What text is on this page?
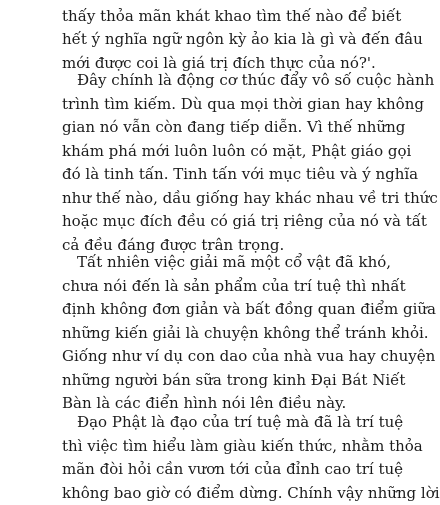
thấy thỏa mãn khát khao tìm thế nào để biết
hết ý nghĩa ngữ ngôn kỳ ảo kia là gì và đến đâu
mới được coi là giá trị đích thực của nó?'.
Đây chính là động cơ thúc đẩy vô số cuộc hành
trình tìm kiếm. Dù qua mọi thời gian hay không
gian nó vẫn còn đang tiếp diễn. Vì thế những
khám phá mới luôn luôn có mặt, Phật giáo gọi
đó là tinh tấn. Tinh tấn với mục tiêu và ý nghĩa
như thế nào, dầu giống hay khác nhau về tri thức
hoặc mục đích đều có giá trị riêng của nó và tất
cả đều đáng được trân trọng.
Tất nhiên việc giải mã một cổ vật đã khó,
chưa nói đến là sản phẩm của trí tuệ thì nhất
định không đơn giản và bất đồng quan điểm giữa
những kiến giải là chuyện không thể tránh khỏi.
Giống như ví dụ con dao của nhà vua hay chuyện
những người bán sữa trong kinh Đại Bát Niết
Bàn là các điển hình nói lên điều này.
Đạo Phật là đạo của trí tuệ mà đã là trí tuệ
thì việc tìm hiểu làm giàu kiến thức, nhằm thỏa
mãn đòi hỏi cần vươn tới của đỉnh cao trí tuệ
không bao giờ có điểm dừng. Chính vậy những lời
